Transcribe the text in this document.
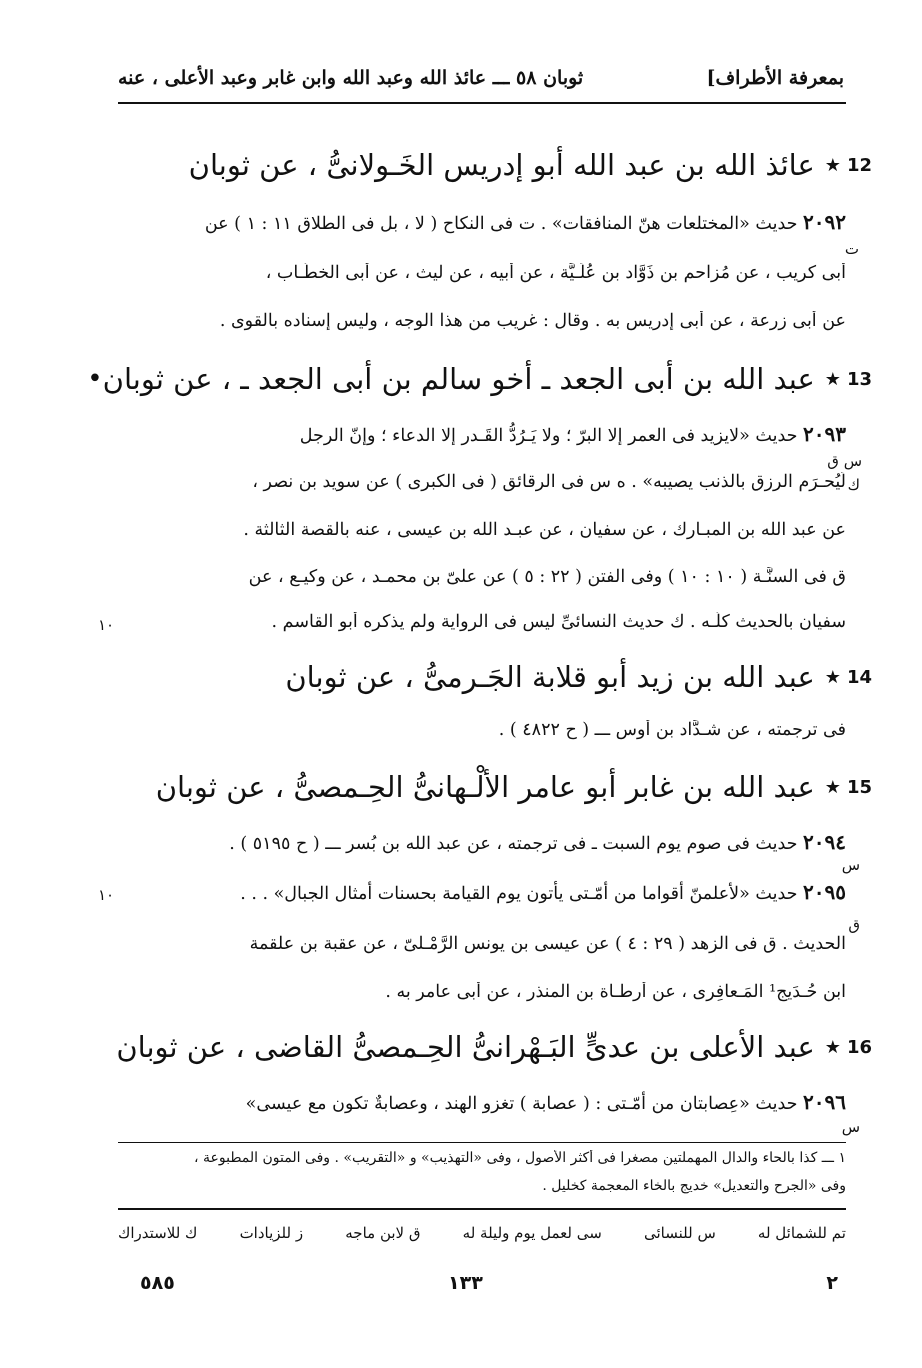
بمعرفة الأطراف]
ثوبان ٥٨ ـــ عائذ الله وعبد الله وابن غابر وعبد الأعلى ، عنه
12
★
عائذ الله بن عبد الله أبو إدريس الخَـولانىُّ ، عن ثوبان
٢٠٩٢ حديث «المختلعات هنّ المنافقات» . ت فى النكاح ( لا ، بل فى الطلاق ١١ : ١ ) عن
ت
أبى كريب ، عن مُزاحم بن ذَوَّاد بن عُلَـيَّة ، عن أبيه ، عن ليث ، عن أبى الخطَّـاب ،
عن أبى زرعة ، عن أبى إدريس به . وقال : غريب من هذا الوجه ، وليس إسناده بالقوى .
13
★
عبد الله بن أبى الجعد ـ أخو سالم بن أبى الجعد ـ ، عن ثوبان
•
٢٠٩٣ حديث «لايزيد فى العمر إلا البرّ ؛ ولا يَـرُدُّ القَـدر إلا الدعاء ؛ وإنّ الرجل
س ق
ك
لَيُحـرَم الرزق بالذنب يصيبه» . ه س فى الرقائق ( فى الكبرى ) عن سويد بن نصر ،
عن عبد الله بن المبـارك ، عن سفيان ، عن عبـد الله بن عيسى ، عنه بالقصة الثالثة .
ق فى السنَّـة ( ١٠ : ١٠ ) وفى الفتن ( ٢٢ : ٥ ) عن علىّ بن محمـد ، عن وكيـع ، عن
سفيان بالحديث كلّـه . ك حديث النسائىِّ ليس فى الرواية ولم يذكره أبو القاسم .
١٠
14
★
عبد الله بن زيد أبو قلابة الجَـرمىُّ ، عن ثوبان
فى ترجمته ، عن شـدَّاد بن أوس ـــ ( ح ٤٨٢٢ ) .
15
★
عبد الله بن غابر أبو عامر الألْـهانىُّ الحِـمصىُّ ، عن ثوبان
٢٠٩٤ حديث فى صوم يوم السبت ـ فى ترجمته ، عن عبد الله بن بُسر ـــ ( ح ٥١٩٥ ) .
س
٢٠٩٥ حديث «لأعلمنّ أقواما من أمّـتى يأتون يوم القيامة بحسنات أمثال الجبال» . . .
١٠
ق
الحديث . ق فى الزهد ( ٢٩ : ٤ ) عن عيسى بن يونس الرَّمْـلىّ ، عن عقبة بن علقمة
ابن حُـدَيج¹ المَـعافِرى ، عن أرطـاة بن المنذر ، عن أبى عامر به .
16
★
عبد الأعلى بن عدىٍّ البَـهْرانىُّ الحِـمصىُّ القاضى ، عن ثوبان
٢٠٩٦ حديث «عِصابتان من أمّـتى : ( عصابة ) تغزو الهند ، وعصابةٌ تكون مع عيسى»
س
١ ـــ كذا بالحاء والدال المهملتين مصغرا فى أكثر الأصول ، وفى «التهذيب» و «التقريب» . وفى المتون المطبوعة ،
وفى «الجرح والتعديل» خديج بالخاء المعجمة كخليل .
تم للشمائل له
س للنسائى
سى لعمل يوم وليلة له
ق لابن ماجه
ز للزيادات
ك للاستدراك
٥٨٥	١٣٣	٢
